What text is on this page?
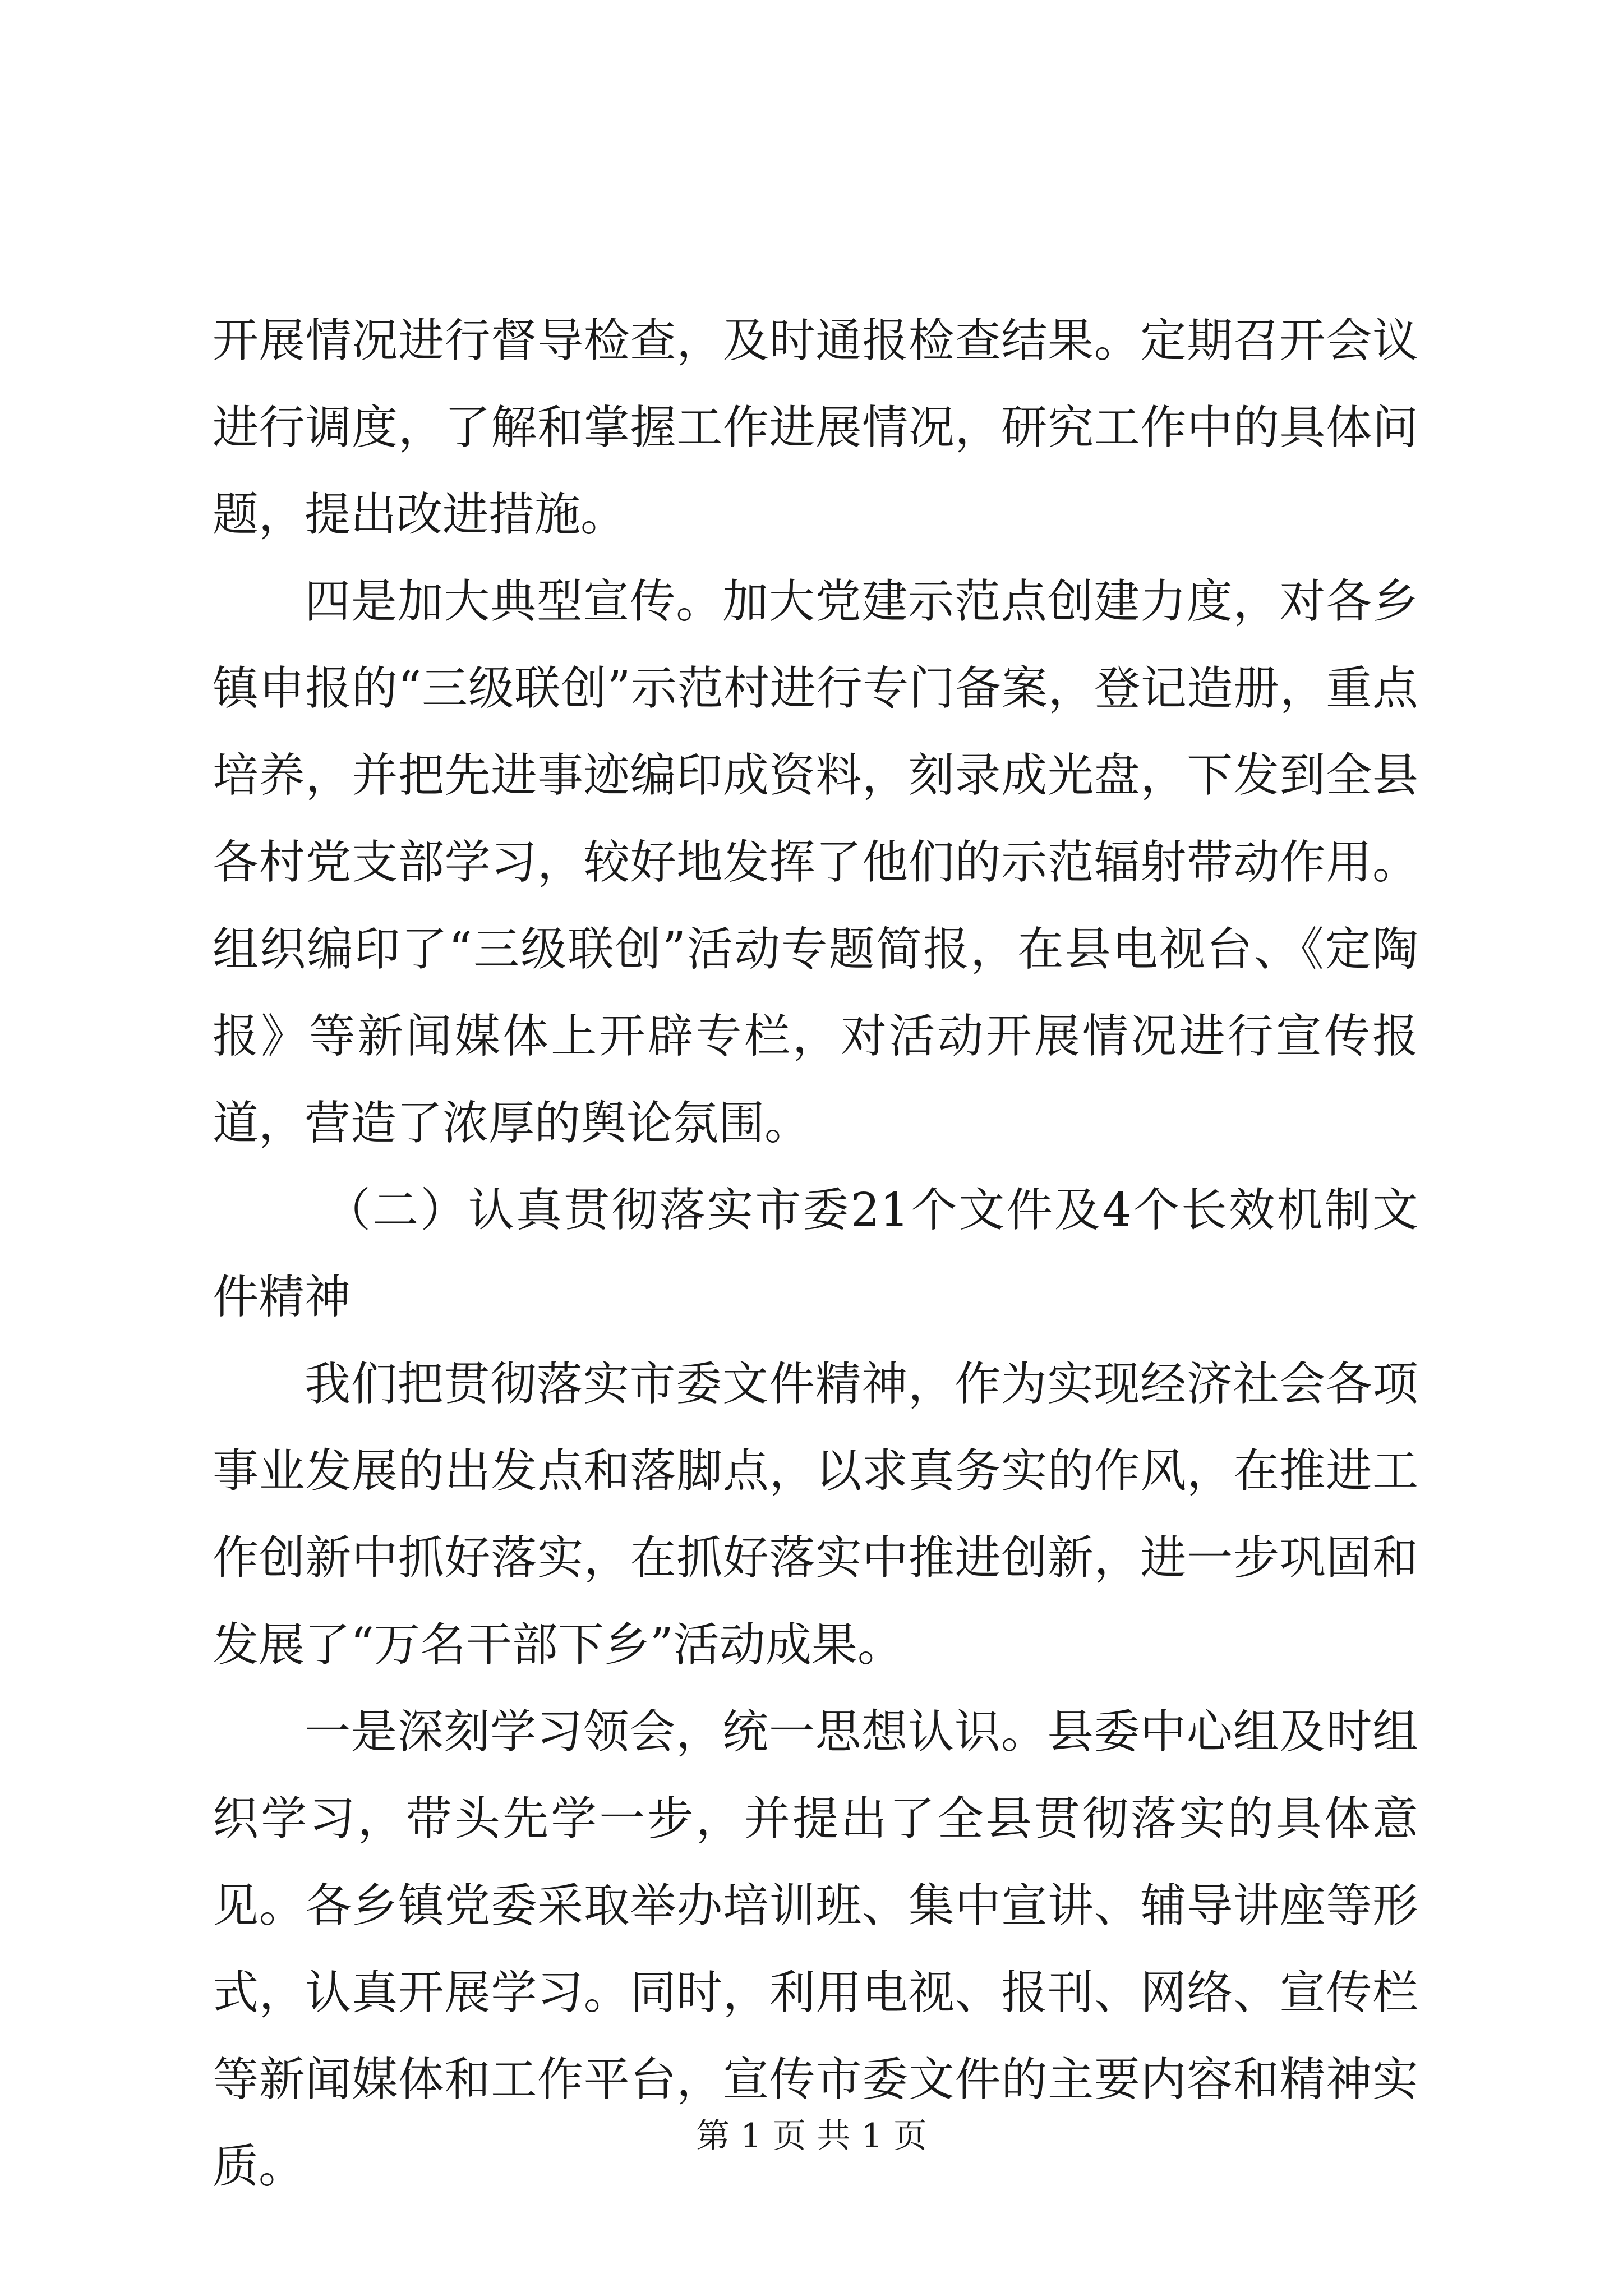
开展情况进行督导检查，及时通报检查结果。定期召开会议进行调度，了解和掌握工作进展情况，研究工作中的具体问题，提出改进措施。

四是加大典型宣传。加大党建示范点创建力度，对各乡镇申报的“三级联创”示范村进行专门备案，登记造册，重点培养，并把先进事迹编印成资料，刻录成光盘，下发到全县各村党支部学习，较好地发挥了他们的示范辐射带动作用。组织编印了“三级联创”活动专题简报，在县电视台、《定陶报》等新闻媒体上开辟专栏，对活动开展情况进行宣传报道，营造了浓厚的舆论氛围。

（二）认真贯彻落实市委21个文件及4个长效机制文件精神

我们把贯彻落实市委文件精神，作为实现经济社会各项事业发展的出发点和落脚点，以求真务实的作风，在推进工作创新中抓好落实，在抓好落实中推进创新，进一步巩固和发展了“万名干部下乡”活动成果。

一是深刻学习领会，统一思想认识。县委中心组及时组织学习，带头先学一步，并提出了全县贯彻落实的具体意见。各乡镇党委采取举办培训班、集中宣讲、辅导讲座等形式，认真开展学习。同时，利用电视、报刊、网络、宣传栏等新闻媒体和工作平台，宣传市委文件的主要内容和精神实质。

第 1 页 共 1 页
